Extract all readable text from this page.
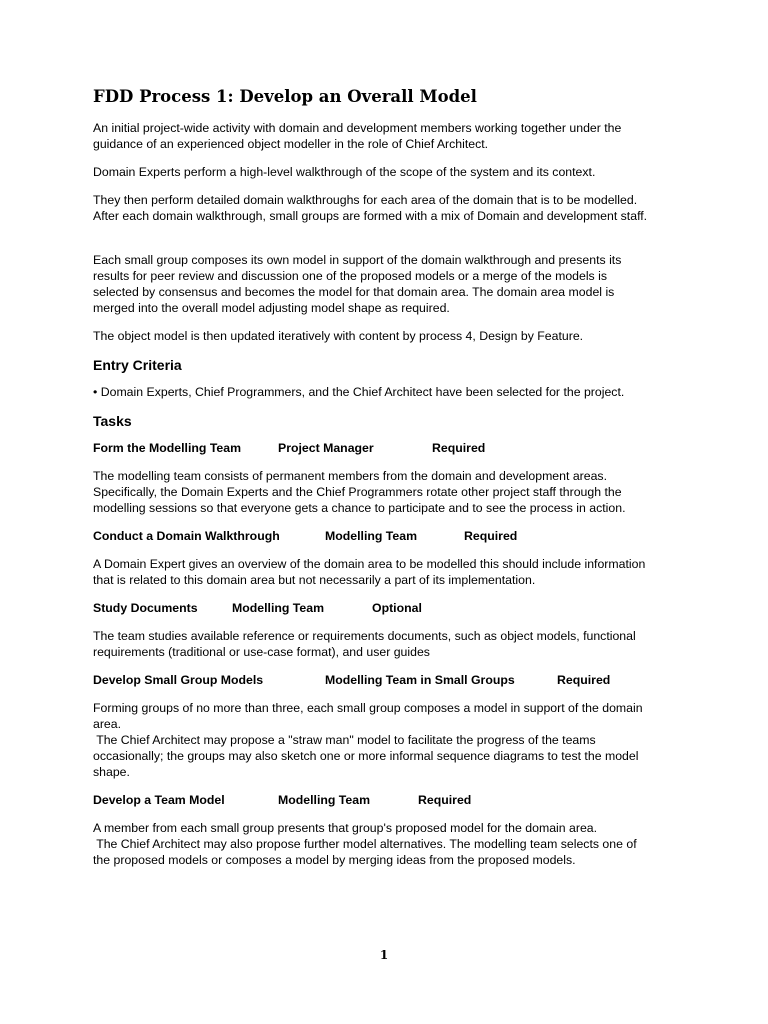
FDD Process 1: Develop an Overall Model
An initial project-wide activity with domain and development members working together under the
guidance of an experienced object modeller in the role of Chief Architect.
Domain Experts perform a high-level walkthrough of the scope of the system and its context.
They then perform detailed domain walkthroughs for each area of the domain that is to be modelled.
After each domain walkthrough, small groups are formed with a mix of Domain and development staff.
Each small group composes its own model in support of the domain walkthrough and presents its
results for peer review and discussion one of the proposed models or a merge of the models is
selected by consensus and becomes the model for that domain area. The domain area model is
merged into the overall model adjusting model shape as required.
The object model is then updated iteratively with content by process 4, Design by Feature.
Entry Criteria
• Domain Experts, Chief Programmers, and the Chief Architect have been selected for the project.
Tasks
Form the Modelling Team	Project Manager	Required
The modelling team consists of permanent members from the domain and development areas.
Specifically, the Domain Experts and the Chief Programmers rotate other project staff through the
modelling sessions so that everyone gets a chance to participate and to see the process in action.
Conduct a Domain Walkthrough	Modelling Team	Required
A Domain Expert gives an overview of the domain area to be modelled this should include information
that is related to this domain area but not necessarily a part of its implementation.
Study Documents	Modelling Team	Optional
The team studies available reference or requirements documents, such as object models, functional
requirements (traditional or use-case format), and user guides
Develop Small Group Models	Modelling Team in Small Groups	Required
Forming groups of no more than three, each small group composes a model in support of the domain
area.
The Chief Architect may propose a "straw man" model to facilitate the progress of the teams
occasionally; the groups may also sketch one or more informal sequence diagrams to test the model
shape.
Develop a Team Model	Modelling Team	Required
A member from each small group presents that group's proposed model for the domain area.
The Chief Architect may also propose further model alternatives. The modelling team selects one of
the proposed models or composes a model by merging ideas from the proposed models.
1
